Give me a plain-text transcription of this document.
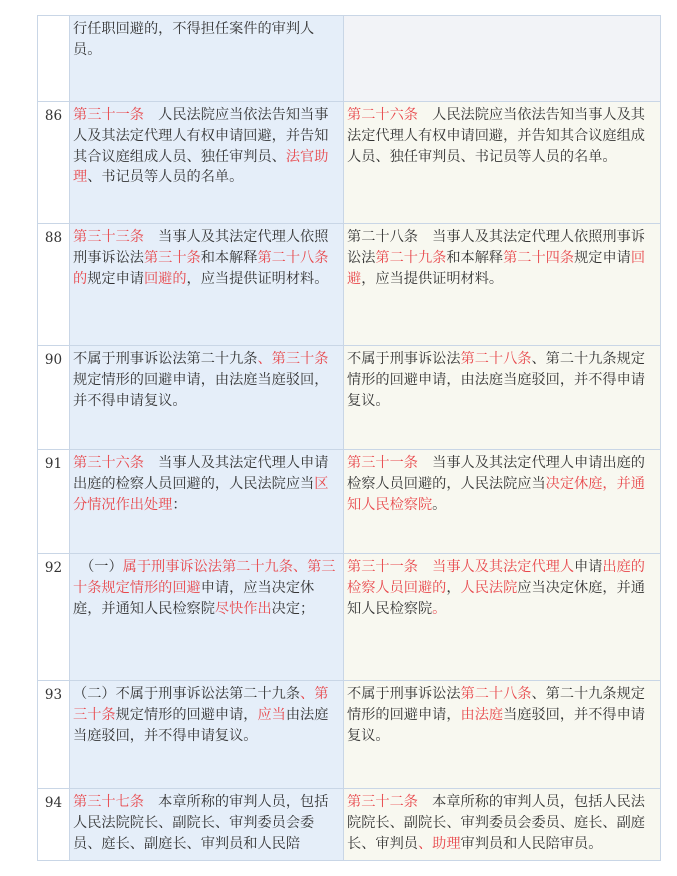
行任职回避的，不得担任案件的审判人员。
86 第三十一条　人民法院应当依法告知当事人及其法定代理人有权申请回避，并告知其合议庭组成人员、独任审判员、法官助理、书记员等人员的名单。
第二十六条　人民法院应当依法告知当事人及其法定代理人有权申请回避，并告知其合议庭组成人员、独任审判员、书记员等人员的名单。
88 第三十三条　当事人及其法定代理人依照刑事诉讼法第三十条和本解释第二十八条的规定申请回避的，应当提供证明材料。
第二十八条　当事人及其法定代理人依照刑事诉讼法第二十九条和本解释第二十四条规定申请回避，应当提供证明材料。
90 不属于刑事诉讼法第二十九条、第三十条规定情形的回避申请，由法庭当庭驳回，并不得申请复议。
不属于刑事诉讼法第二十八条、第二十九条规定情形的回避申请，由法庭当庭驳回，并不得申请复议。
91 第三十六条　当事人及其法定代理人申请出庭的检察人员回避的，人民法院应当区分情况作出处理：
第三十一条　当事人及其法定代理人申请出庭的检察人员回避的，人民法院应当决定休庭，并通知人民检察院。
92 　（一）属于刑事诉讼法第二十九条、第三十条规定情形的回避申请，应当决定休庭，并通知人民检察院尽快作出决定；
第三十一条　当事人及其法定代理人申请出庭的检察人员回避的，人民法院应当决定休庭，并通知人民检察院。
93 （二）不属于刑事诉讼法第二十九条、第三十条规定情形的回避申请，应当由法庭当庭驳回，并不得申请复议。
不属于刑事诉讼法第二十八条、第二十九条规定情形的回避申请，由法庭当庭驳回，并不得申请复议。
94 第三十七条　本章所称的审判人员，包括人民法院院长、副院长、审判委员会委员、庭长、副庭长、审判员和人民陪
第三十二条　本章所称的审判人员，包括人民法院院长、副院长、审判委员会委员、庭长、副庭长、审判员、助理审判员和人民陪审员。
